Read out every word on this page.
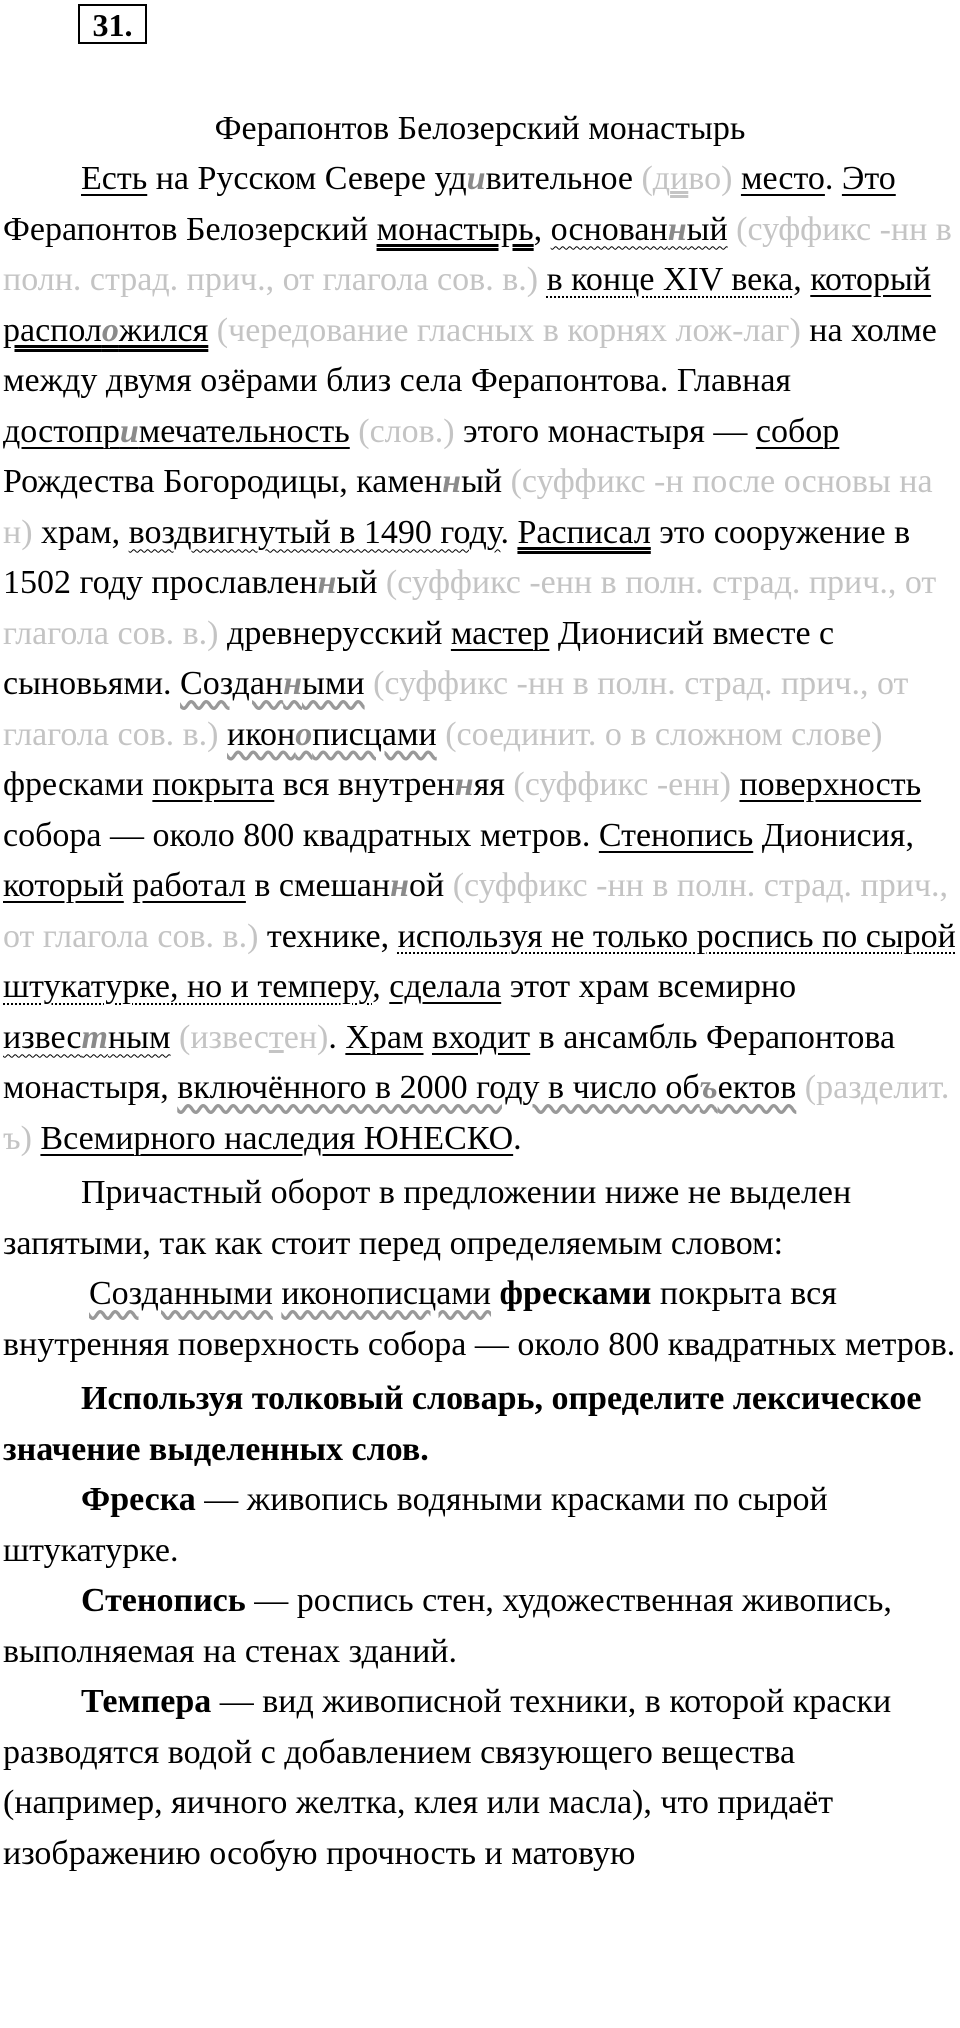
31.
Ферапонтов Белозерский монастырь

Есть на Русском Севере удивительное (диво) место. Это Ферапонтов Белозерский монастырь, основанный (суффикс -нн в полн. страд. прич., от глагола сов. в.) в конце XIV века, который расположился (чередование гласных в корнях лож-лаг) на холме между двумя озёрами близ села Ферапонтова. Главная достопримечательность (слов.) этого монастыря — собор Рождества Богородицы, каменный (суффикс -н после основы на н) храм, воздвигнутый в 1490 году. Расписал это сооружение в 1502 году прославленный (суффикс -енн в полн. страд. прич., от глагола сов. в.) древнерусский мастер Дионисий вместе с сыновьями. Созданными (суффикс -нн в полн. страд. прич., от глагола сов. в.) иконописцами (соединит. о в сложном слове) фресками покрыта вся внутренняя (суффикс -енн) поверхность собора — около 800 квадратных метров. Стенопись Дионисия, который работал в смешанной (суффикс -нн в полн. страд. прич., от глагола сов. в.) технике, используя не только роспись по сырой штукатурке, но и темперу, сделала этот храм всемирно известным (известен). Храм входит в ансамбль Ферапонтова монастыря, включённого в 2000 году в число объектов (разделит. ъ) Всемирного наследия ЮНЕСКО.

Причастный оборот в предложении ниже не выделен запятыми, так как стоит перед определяемым словом:

Созданными иконописцами фресками покрыта вся внутренняя поверхность собора — около 800 квадратных метров.

Используя толковый словарь, определите лексическое значение выделенных слов.

Фреска — живопись водяными красками по сырой штукатурке.

Стенопись — роспись стен, художественная живопись, выполняемая на стенах зданий.

Темпера — вид живописной техники, в которой краски разводятся водой с добавлением связующего вещества (например, яичного желтка, клея или масла), что придаёт изображению особую прочность и матовую
